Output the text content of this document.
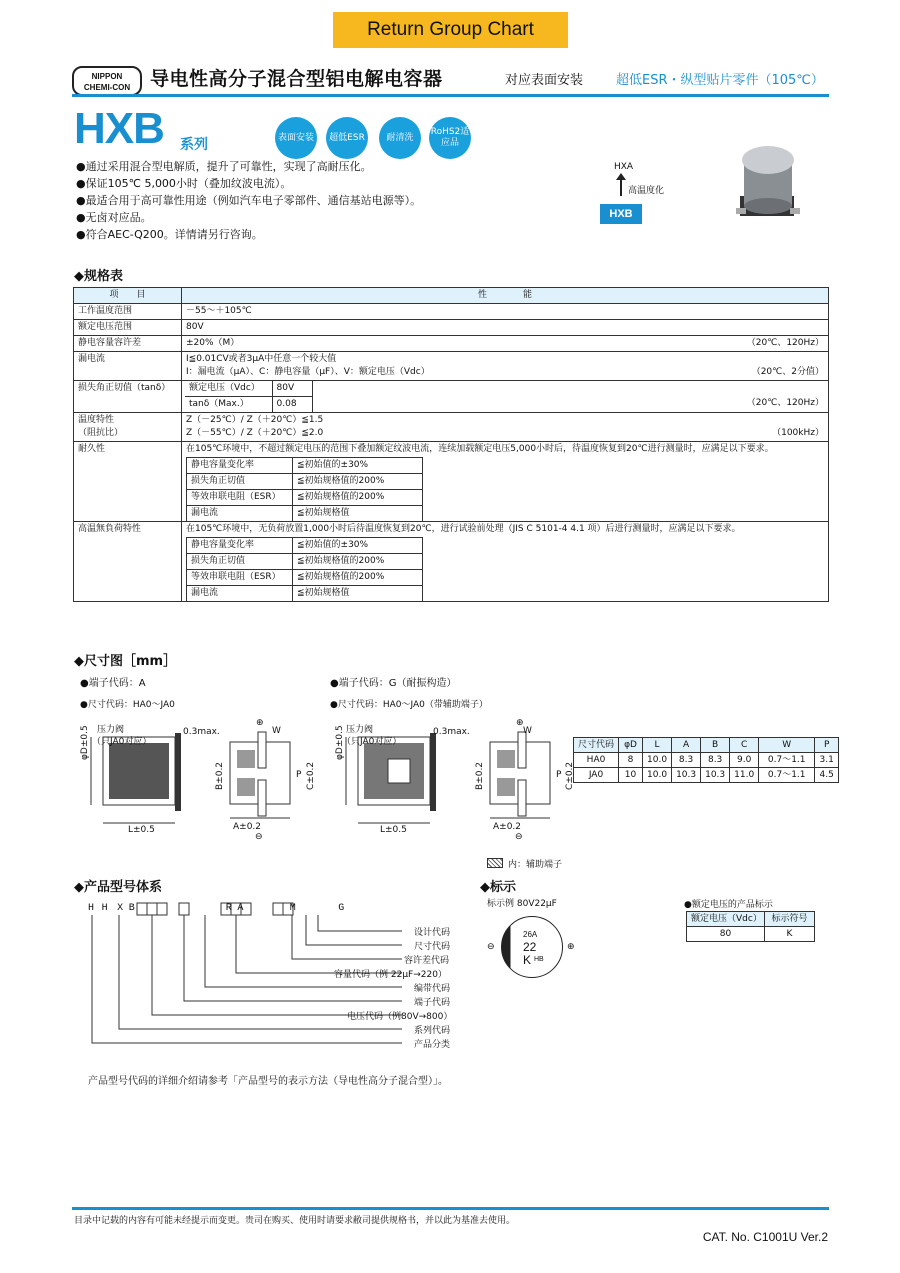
Return Group Chart
NIPPON
CHEMI-CON	导电性高分子混合型铝电解电容器	对应表面安装	超低ESR・纵型贴片零件（105℃）
HXB 系列	表面安装	超低ESR	耐清洗
RoHS2适应品
●通过采用混合型电解质，提升了可靠性，实现了高耐压化。
●保证105℃ 5,000小时（叠加纹波电流）。
●最适合用于高可靠性用途（例如汽车电子零部件、通信基站电源等）。
●无卤对应品。
●符合AEC-Q200。详情请另行咨询。
HXA
高温度化
HXB
◆规格表
项　　目	性　　　　能
工作温度范围	－55～＋105℃
额定电压范围	80V
静电容量容许差	±20%（M）	（20℃、120Hz）

漏电流	I≦0.01CV或者3μA中任意一个较大值
I：漏电流（μA）、C：静电容量（μF）、V：额定电压（Vdc）	（20℃、2分值）

损失角正切值（tanδ）	额定电压（Vdc）	80V
tanδ（Max.）	0.08	（20℃、120Hz）

温度特性
（阻抗比）

Z（－25℃）/ Z（＋20℃）≦1.5
Z（－55℃）/ Z（＋20℃）≦2.0	（100kHz）

耐久性	在105℃环境中，不超过额定电压的范围下叠加额定纹波电流，连续加载额定电压5,000小时后，待温度恢复到20℃进行测量时，应满足以下要求。
静电容量变化率	≦初始值的±30%
损失角正切值	≦初始规格值的200%
等效串联电阻（ESR）	≦初始规格值的200%
漏电流	≦初始规格值

高温無負荷特性	在105℃环境中，无负荷放置1,000小时后待温度恢复到20℃，进行试验前处理（JIS C 5101-4 4.1 项）后进行测量时，应满足以下要求。
静电容量变化率	≦初始值的±30%
损失角正切值	≦初始规格值的200%
等效串联电阻（ESR）	≦初始规格值的200%
漏电流	≦初始规格值
◆尺寸图［mm］
●端子代码：A
●尺寸代码：HA0～JA0
●端子代码：G（耐振构造）
●尺寸代码：HA0～JA0（带辅助端子）
压力阀
（只JA0对应）
0.3max.
φD±0.5
L±0.5
⊕
W
B±0.2	C±0.2
P
A±0.2
⊖
压力阀
（只JA0对应）
0.3max.
φD±0.5
L±0.5
⊕
W
B±0.2	C±0.2
P
A±0.2
⊖
内：辅助端子
尺寸代码	φD	L	A	B	C	W	P
HA0	8	10.0	8.3	8.3	9.0	0.7～1.1	3.1
JA0	10	10.0	10.3	10.3	11.0	0.7～1.1	4.5
◆产品型号体系
H H X B	R A	M	G
设计代码
尺寸代码
容许差代码
容量代码（例 22μF→220）
编带代码
端子代码
电压代码（例80V→800）
系列代码
产品分类
产品型号代码的详细介绍请参考「产品型号的表示方法（导电性高分子混合型）」。
◆标示
标示例 80V22μF
⊖	⊕
26A
22
K HB
●额定电压的产品标示
额定电压（Vdc）	标示符号
80	K
目录中记载的内容有可能未经提示而变更。贵司在购买、使用时请要求敝司提供规格书，并以此为基准去使用。
CAT. No. C1001U Ver.2
